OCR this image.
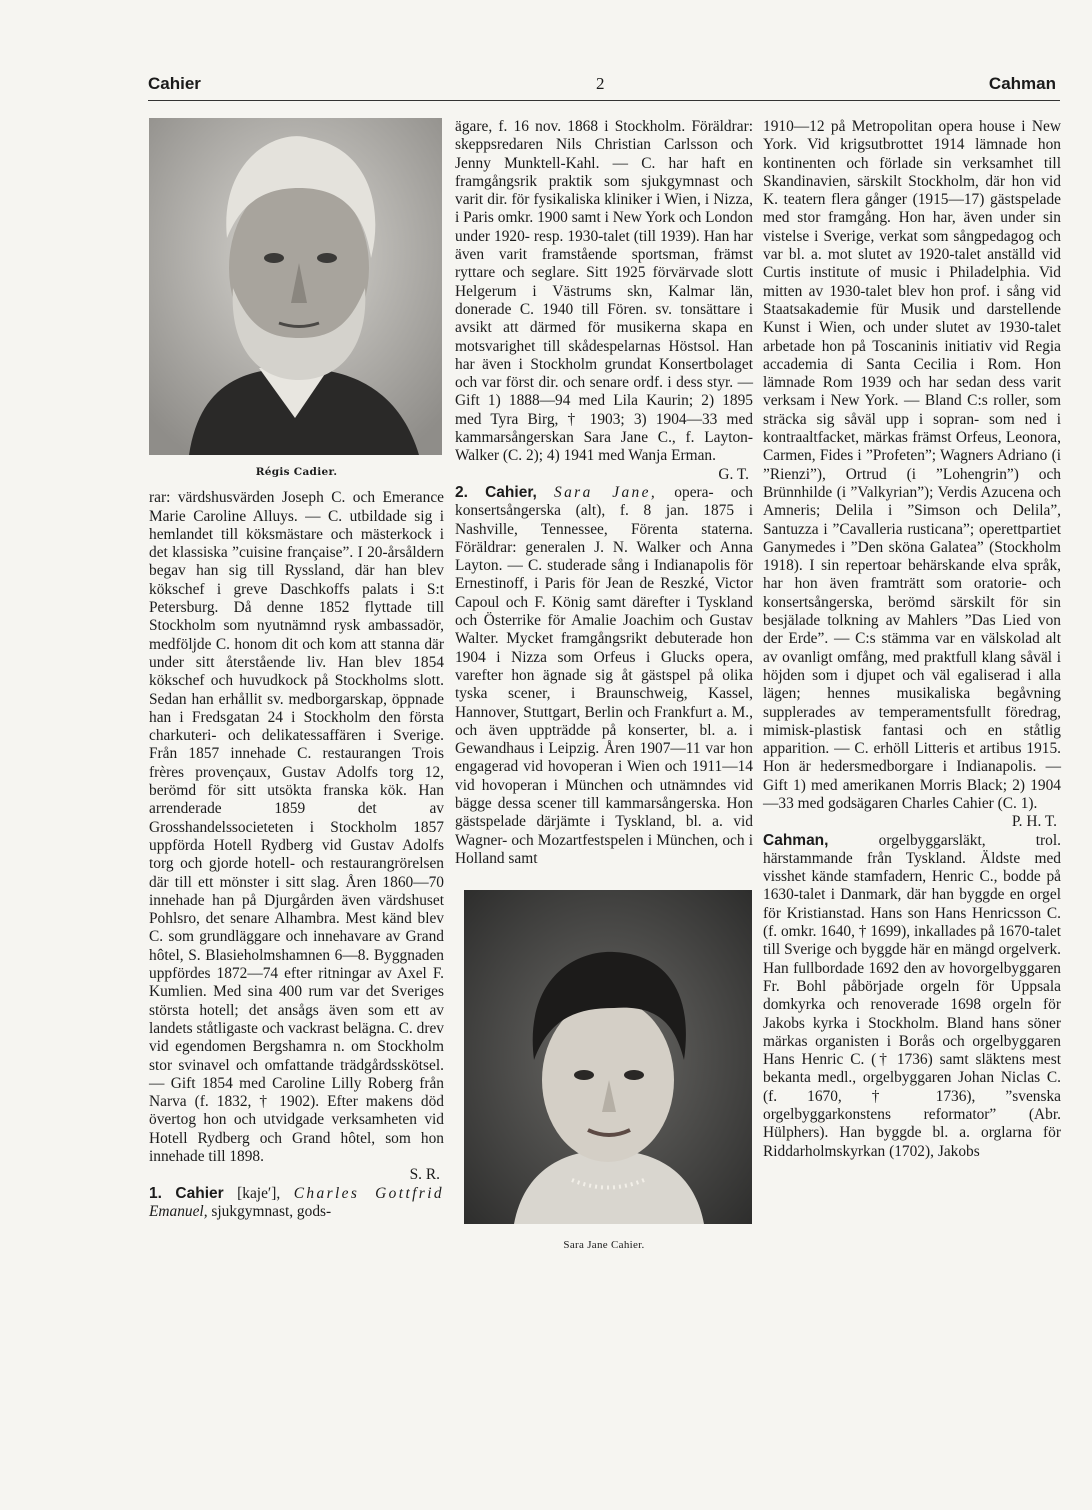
Cahier	2	Cahman
Régis Cadier.

rar: värdshusvärden Joseph C. och Emerance Marie Caroline Alluys. — C. utbildade sig i hemlandet till köksmästare och mästerkock i det klassiska ”cuisine française”. I 20-årsåldern begav han sig till Ryssland, där han blev kökschef i greve Daschkoffs palats i S:t Petersburg. Då denne 1852 flyttade till Stockholm som nyutnämnd rysk ambassadör, medföljde C. honom dit och kom att stanna där under sitt återstående liv. Han blev 1854 kökschef och huvudkock på Stockholms slott. Sedan han erhållit sv. medborgarskap, öppnade han i Fredsgatan 24 i Stockholm den första charkuteri- och delikatessaffären i Sverige. Från 1857 innehade C. restaurangen Trois frères provençaux, Gustav Adolfs torg 12, berömd för sitt utsökta franska kök. Han arrenderade 1859 det av Grosshandelssocieteten i Stockholm 1857 uppförda Hotell Rydberg vid Gustav Adolfs torg och gjorde hotell- och restaurangrörelsen där till ett mönster i sitt slag. Åren 1860—70 innehade han på Djurgården även värdshuset Pohlsro, det senare Alhambra. Mest känd blev C. som grundläggare och innehavare av Grand hôtel, S. Blasieholmshamnen 6—8. Byggnaden uppfördes 1872—74 efter ritningar av Axel F. Kumlien. Med sina 400 rum var det Sveriges största hotell; det ansågs även som ett av landets ståtligaste och vackrast belägna. C. drev vid egendomen Bergshamra n. om Stockholm stor svinavel och omfattande trädgårdsskötsel. — Gift 1854 med Caroline Lilly Roberg från Narva (f. 1832, † 1902). Efter makens död övertog hon och utvidgade verksamheten vid Hotell Rydberg och Grand hôtel, som hon innehade till 1898.

S. R.

1. Cahier [kaje′], Charles Gottfrid Emanuel, sjukgymnast, gods-

ägare, f. 16 nov. 1868 i Stockholm. Föräldrar: skeppsredaren Nils Christian Carlsson och Jenny Munktell-Kahl. — C. har haft en framgångsrik praktik som sjukgymnast och varit dir. för fysikaliska kliniker i Wien, i Nizza, i Paris omkr. 1900 samt i New York och London under 1920- resp. 1930-talet (till 1939). Han har även varit framstående sportsman, främst ryttare och seglare. Sitt 1925 förvärvade slott Helgerum i Västrums skn, Kalmar län, donerade C. 1940 till Fören. sv. tonsättare i avsikt att därmed för musikerna skapa en motsvarighet till skådespelarnas Höstsol. Han har även i Stockholm grundat Konsertbolaget och var först dir. och senare ordf. i dess styr. — Gift 1) 1888—94 med Lila Kaurin; 2) 1895 med Tyra Birg, † 1903; 3) 1904—33 med kammarsångerskan Sara Jane C., f. Layton-Walker (C. 2); 4) 1941 med Wanja Erman.

G. T.

2. Cahier, Sara Jane, opera- och konsertsångerska (alt), f. 8 jan. 1875 i Nashville, Tennessee, Förenta staterna. Föräldrar: generalen J. N. Walker och Anna Layton. — C. studerade sång i Indianapolis för Ernestinoff, i Paris för Jean de Reszké, Victor Capoul och F. König samt därefter i Tyskland och Österrike för Amalie Joachim och Gustav Walter. Mycket framgångsrikt debuterade hon 1904 i Nizza som Orfeus i Glucks opera, varefter hon ägnade sig åt gästspel på olika tyska scener, i Braunschweig, Kassel, Hannover, Stuttgart, Berlin och Frankfurt a. M., och även uppträdde på konserter, bl. a. i Gewandhaus i Leipzig. Åren 1907—11 var hon engagerad vid hovoperan i Wien och 1911—14 vid hovoperan i München och utnämndes vid bägge dessa scener till kammarsångerska. Hon gästspelade därjämte i Tyskland, bl. a. vid Wagner- och Mozartfestspelen i München, och i Holland samt

Sara Jane Cahier.

1910—12 på Metropolitan opera house i New York. Vid krigsutbrottet 1914 lämnade hon kontinenten och förlade sin verksamhet till Skandinavien, särskilt Stockholm, där hon vid K. teatern flera gånger (1915—17) gästspelade med stor framgång. Hon har, även under sin vistelse i Sverige, verkat som sångpedagog och var bl. a. mot slutet av 1920-talet anställd vid Curtis institute of music i Philadelphia. Vid mitten av 1930-talet blev hon prof. i sång vid Staatsakademie für Musik und darstellende Kunst i Wien, och under slutet av 1930-talet arbetade hon på Toscaninis initiativ vid Regia accademia di Santa Cecilia i Rom. Hon lämnade Rom 1939 och har sedan dess varit verksam i New York. — Bland C:s roller, som sträcka sig såväl upp i sopran- som ned i kontraaltfacket, märkas främst Orfeus, Leonora, Carmen, Fides i ”Profeten”; Wagners Adriano (i ”Rienzi”), Ortrud (i ”Lohengrin”) och Brünnhilde (i ”Valkyrian”); Verdis Azucena och Amneris; Delila i ”Simson och Delila”, Santuzza i ”Cavalleria rusticana”; operettpartiet Ganymedes i ”Den sköna Galatea” (Stockholm 1918). I sin repertoar behärskande elva språk, har hon även framträtt som oratorie- och konsertsångerska, berömd särskilt för sin besjälade tolkning av Mahlers ”Das Lied von der Erde”. — C:s stämma var en välskolad alt av ovanligt omfång, med praktfull klang såväl i höjden som i djupet och väl egaliserad i alla lägen; hennes musikaliska begåvning supplerades av temperamentsfullt föredrag, mimisk-plastisk fantasi och en ståtlig apparition. — C. erhöll Litteris et artibus 1915. Hon är hedersmedborgare i Indianapolis. — Gift 1) med amerikanen Morris Black; 2) 1904—33 med godsägaren Charles Cahier (C. 1).

P. H. T.

Cahman,	orgelbyggarsläkt, trol. härstammande från Tyskland. Äldste med visshet kände stamfadern, Henric C., bodde på 1630-talet i Danmark, där han byggde en orgel för Kristianstad. Hans son Hans Henricsson C. (f. omkr. 1640, † 1699), inkallades på 1670-talet till Sverige och byggde här en mängd orgelverk. Han fullbordade 1692 den av hovorgelbyggaren Fr. Bohl påbörjade orgeln för Uppsala domkyrka och renoverade 1698 orgeln för Jakobs kyrka i Stockholm. Bland hans söner märkas organisten i Borås och orgelbyggaren Hans Henric C. († 1736) samt släktens mest bekanta medl., orgelbyggaren Johan Niclas C. (f. 1670, † 1736), ”svenska orgelbyggarkonstens reformator” (Abr. Hülphers). Han byggde bl. a. orglarna för Riddarholmskyrkan (1702), Jakobs
